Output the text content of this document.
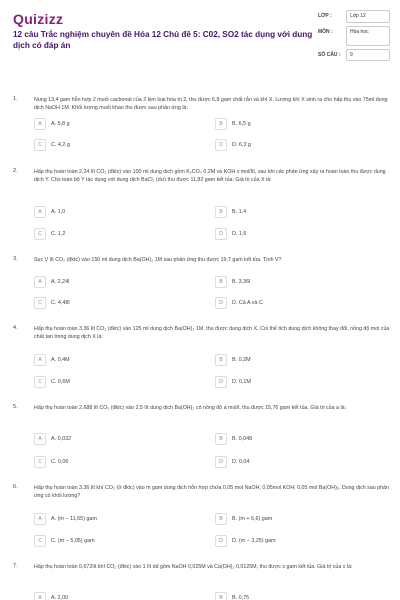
Quizizz
12 câu Trắc nghiệm chuyên đề Hóa 12 Chủ đề 5: C02, SO2 tác dụng với dung dịch có đáp án
LỚP :	Lớp 12
MÔN :	Hóa học
SỐ CÂU :	9
1.	Nung 13,4 gam hỗn hợp 2 muối cacbonat của 2 kim loại hóa trị 2, thu được 6,8 gam chất rắn và khí X. Lượng khí X sinh ra cho hấp thụ vào 75ml dung dịch NaOH 1M. Khối lượng muối khan thu được sau phản ứng là:
A	A. 5,8 g	B	B. 6,5 g
C	C. 4,2 g	D	D. 6,3 g
2.	Hấp thụ hoàn toàn 2,24 lít CO₂ (đktc) vào 100 ml dung dịch gồm K₂CO₃ 0,2M và KOH x mol/lít, sau khi các phản ứng xảy ra hoàn toàn thu được dung dịch Y. Cho toàn bộ Y tác dụng với dung dịch BaCl₂ (dư) thu được 11,82 gam kết tủa. Giá trị của X là:
A	A. 1,0	B	B. 1,4
C	C. 1,2	D	D. 1,6
3.	Sục V lít CO₂ (đktc) vào 150 ml dung dịch Ba(OH)₂ 1M sau phản ứng thu được 19,7 gam kết tủa. Tính V?
A	A. 2,24l	B	B. 3,36l
C	C. 4,48l	D	D. Cả A và C
4.	Hấp thụ hoàn toàn 3,36 lít CO₂ (đktc) vào 125 ml dung dịch Ba(OH)₂ 1M, thu được dung dịch X. Coi thể tích dung dịch không thay đổi, nồng độ mol của chất tan trong dung dịch X là:
A	A. 0,4M	B	B. 0,2M
C	C. 0,6M	D	D. 0,1M
5.	Hấp thụ hoàn toàn 2,688 lít CO₂ (đktc) vào 2,5 lít dung dịch Ba(OH)₂ có nồng độ a mol/l, thu được 15,76 gam kết tủa. Giá trị của a là:
A	A. 0,032	B	B. 0,048
C	C. 0,06	D	D. 0,04
6.	Hấp thụ hoàn toàn 3,36 lít khí CO₂ (ở đktc) vào m gam dung dịch hỗn hợp chứa 0,05 mol NaOH; 0,05mol KOH; 0,05 mol Ba(OH)₂. Dung dịch sau phản ứng có khối lượng?
A	A. (m − 11,65) gam	B	B. (m + 6,6) gam
C	C. (m − 5,05) gam	D	D. (m − 3,25) gam
7.	Hấp thụ hoàn toàn 0,672lít khí CO₂ (đktc) vào 1 lít dd gồm NaOH 0,025M và Ca(OH)₂ 0,0125M, thu được x gam kết tủa. Giá trị của x là:
A	A. 2,00	B	B. 0,75
